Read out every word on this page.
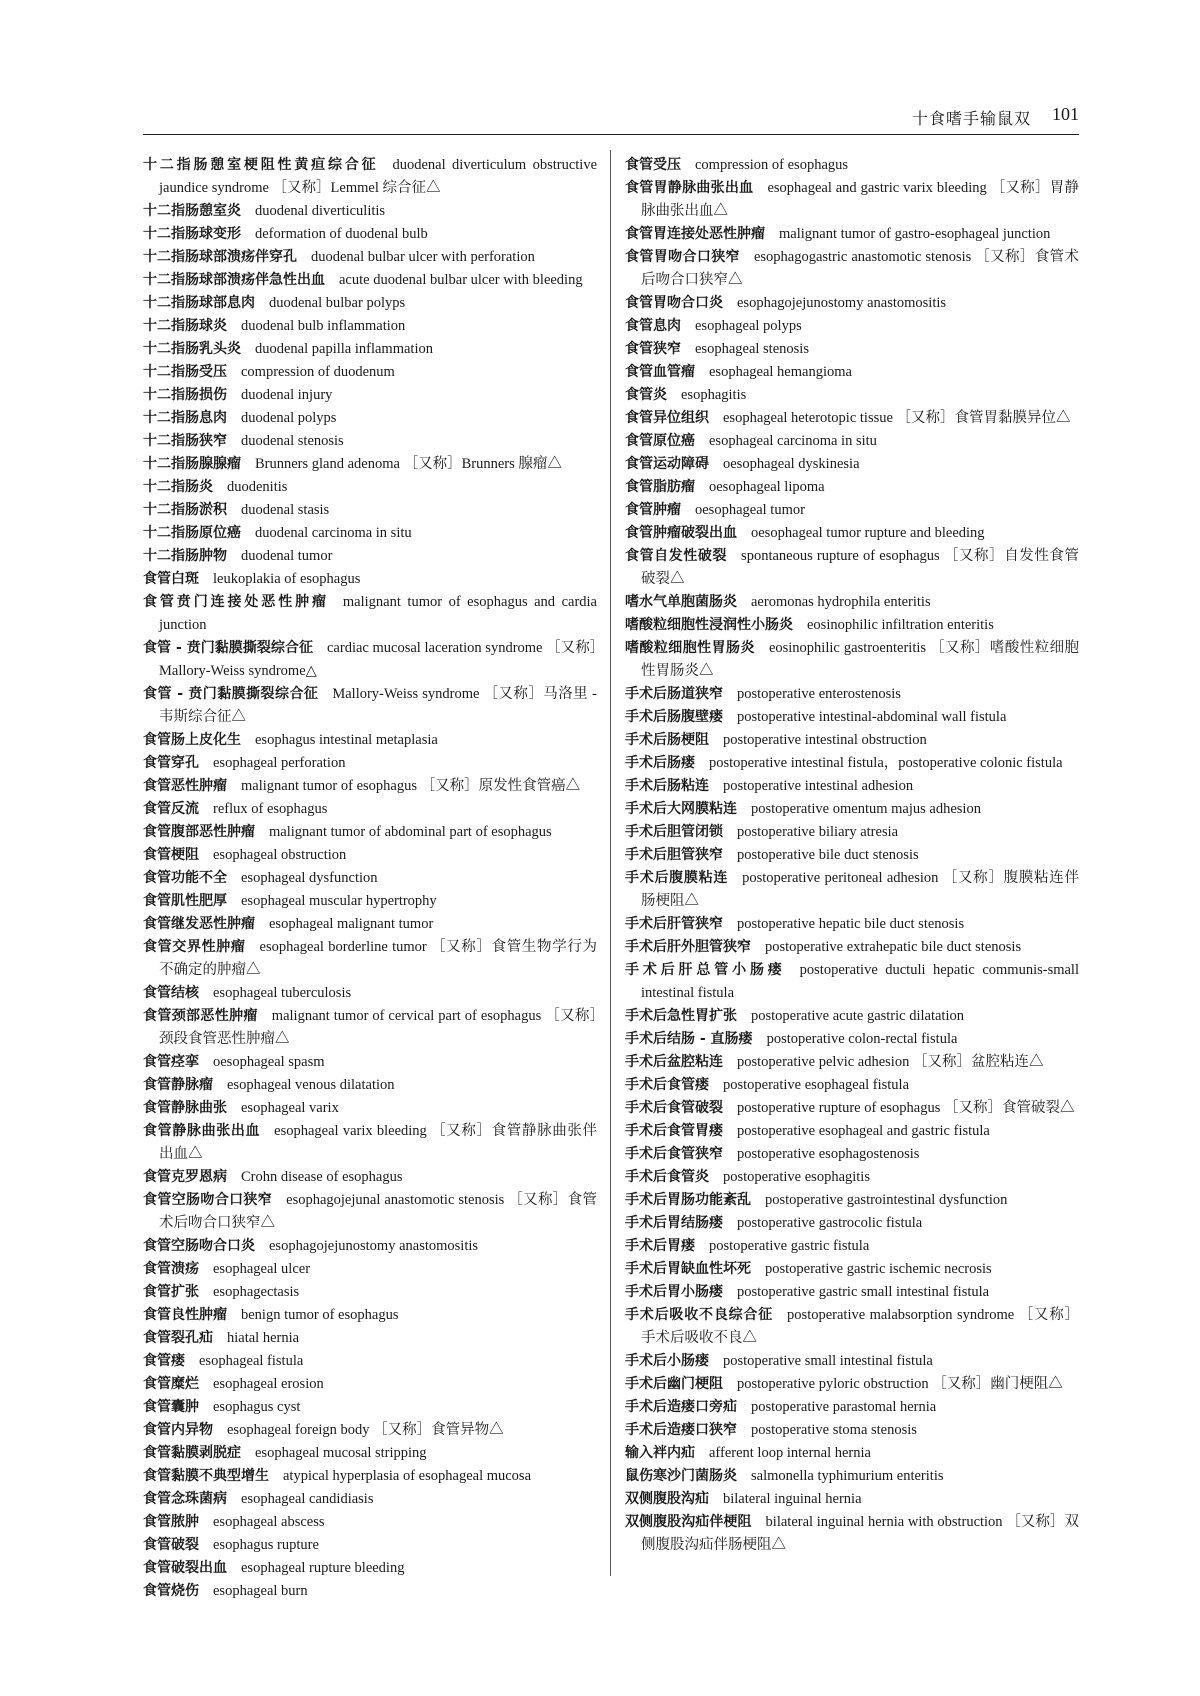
十食嗜手输鼠双 101

十二指肠憩室梗阻性黄疸综合征 duodenal diverticulum obstructive jaundice syndrome ［又称］Lemmel 综合征△

十二指肠憩室炎 duodenal diverticulitis

十二指肠球变形 deformation of duodenal bulb

十二指肠球部溃疡伴穿孔 duodenal bulbar ulcer with perforation

十二指肠球部溃疡伴急性出血 acute duodenal bulbar ulcer with bleeding

十二指肠球部息肉 duodenal bulbar polyps

十二指肠球炎 duodenal bulb inflammation

十二指肠乳头炎 duodenal papilla inflammation

十二指肠受压 compression of duodenum

十二指肠损伤 duodenal injury

十二指肠息肉 duodenal polyps

十二指肠狭窄 duodenal stenosis

十二指肠腺腺瘤 Brunners gland adenoma ［又称］Brunners 腺瘤△

十二指肠炎 duodenitis

十二指肠淤积 duodenal stasis

十二指肠原位癌 duodenal carcinoma in situ

十二指肠肿物 duodenal tumor

食管白斑 leukoplakia of esophagus

食管贲门连接处恶性肿瘤 malignant tumor of esophagus and cardia junction

食管 - 贲门黏膜撕裂综合征 cardiac mucosal laceration syndrome ［又称］Mallory-Weiss syndrome△

食管 - 贲门黏膜撕裂综合征 Mallory-Weiss syndrome ［又称］马洛里 - 韦斯综合征△

食管肠上皮化生 esophagus intestinal metaplasia

食管穿孔 esophageal perforation

食管恶性肿瘤 malignant tumor of esophagus ［又称］原发性食管癌△

食管反流 reflux of esophagus

食管腹部恶性肿瘤 malignant tumor of abdominal part of esophagus

食管梗阻 esophageal obstruction

食管功能不全 esophageal dysfunction

食管肌性肥厚 esophageal muscular hypertrophy

食管继发恶性肿瘤 esophageal malignant tumor

食管交界性肿瘤 esophageal borderline tumor ［又称］食管生物学行为不确定的肿瘤△

食管结核 esophageal tuberculosis

食管颈部恶性肿瘤 malignant tumor of cervical part of esophagus ［又称］颈段食管恶性肿瘤△

食管痉挛 oesophageal spasm

食管静脉瘤 esophageal venous dilatation

食管静脉曲张 esophageal varix

食管静脉曲张出血 esophageal varix bleeding ［又称］食管静脉曲张伴出血△

食管克罗恩病 Crohn disease of esophagus

食管空肠吻合口狭窄 esophagojejunal anastomotic stenosis ［又称］食管术后吻合口狭窄△

食管空肠吻合口炎 esophagojejunostomy anastomositis

食管溃疡 esophageal ulcer

食管扩张 esophagectasis

食管良性肿瘤 benign tumor of esophagus

食管裂孔疝 hiatal hernia

食管瘘 esophageal fistula

食管糜烂 esophageal erosion

食管囊肿 esophagus cyst

食管内异物 esophageal foreign body ［又称］食管异物△

食管黏膜剥脱症 esophageal mucosal stripping

食管黏膜不典型增生 atypical hyperplasia of esophageal mucosa

食管念珠菌病 esophageal candidiasis

食管脓肿 esophageal abscess

食管破裂 esophagus rupture

食管破裂出血 esophageal rupture bleeding

食管烧伤 esophageal burn

食管受压 compression of esophagus

食管胃静脉曲张出血 esophageal and gastric varix bleeding ［又称］胃静脉曲张出血△

食管胃连接处恶性肿瘤 malignant tumor of gastro-esophageal junction

食管胃吻合口狭窄 esophagogastric anastomotic stenosis ［又称］食管术后吻合口狭窄△

食管胃吻合口炎 esophagojejunostomy anastomositis

食管息肉 esophageal polyps

食管狭窄 esophageal stenosis

食管血管瘤 esophageal hemangioma

食管炎 esophagitis

食管异位组织 esophageal heterotopic tissue ［又称］食管胃黏膜异位△

食管原位癌 esophageal carcinoma in situ

食管运动障碍 oesophageal dyskinesia

食管脂肪瘤 oesophageal lipoma

食管肿瘤 oesophageal tumor

食管肿瘤破裂出血 oesophageal tumor rupture and bleeding

食管自发性破裂 spontaneous rupture of esophagus ［又称］自发性食管破裂△

嗜水气单胞菌肠炎 aeromonas hydrophila enteritis

嗜酸粒细胞性浸润性小肠炎 eosinophilic infiltration enteritis

嗜酸粒细胞性胃肠炎 eosinophilic gastroenteritis ［又称］嗜酸性粒细胞性胃肠炎△

手术后肠道狭窄 postoperative enterostenosis

手术后肠腹壁瘘 postoperative intestinal-abdominal wall fistula

手术后肠梗阻 postoperative intestinal obstruction

手术后肠瘘 postoperative intestinal fistula，postoperative colonic fistula

手术后肠粘连 postoperative intestinal adhesion

手术后大网膜粘连 postoperative omentum majus adhesion

手术后胆管闭锁 postoperative biliary atresia

手术后胆管狭窄 postoperative bile duct stenosis

手术后腹膜粘连 postoperative peritoneal adhesion ［又称］腹膜粘连伴肠梗阻△

手术后肝管狭窄 postoperative hepatic bile duct stenosis

手术后肝外胆管狭窄 postoperative extrahepatic bile duct stenosis

手术后肝总管小肠瘘 postoperative ductuli hepatic communis-small intestinal fistula

手术后急性胃扩张 postoperative acute gastric dilatation

手术后结肠 - 直肠瘘 postoperative colon-rectal fistula

手术后盆腔粘连 postoperative pelvic adhesion ［又称］盆腔粘连△

手术后食管瘘 postoperative esophageal fistula

手术后食管破裂 postoperative rupture of esophagus ［又称］食管破裂△

手术后食管胃瘘 postoperative esophageal and gastric fistula

手术后食管狭窄 postoperative esophagostenosis

手术后食管炎 postoperative esophagitis

手术后胃肠功能紊乱 postoperative gastrointestinal dysfunction

手术后胃结肠瘘 postoperative gastrocolic fistula

手术后胃瘘 postoperative gastric fistula

手术后胃缺血性坏死 postoperative gastric ischemic necrosis

手术后胃小肠瘘 postoperative gastric small intestinal fistula

手术后吸收不良综合征 postoperative malabsorption syndrome ［又称］手术后吸收不良△

手术后小肠瘘 postoperative small intestinal fistula

手术后幽门梗阻 postoperative pyloric obstruction ［又称］幽门梗阻△

手术后造瘘口旁疝 postoperative parastomal hernia

手术后造瘘口狭窄 postoperative stoma stenosis

输入袢内疝 afferent loop internal hernia

鼠伤寒沙门菌肠炎 salmonella typhimurium enteritis

双侧腹股沟疝 bilateral inguinal hernia

双侧腹股沟疝伴梗阻 bilateral inguinal hernia with obstruction ［又称］双侧腹股沟疝伴肠梗阻△
